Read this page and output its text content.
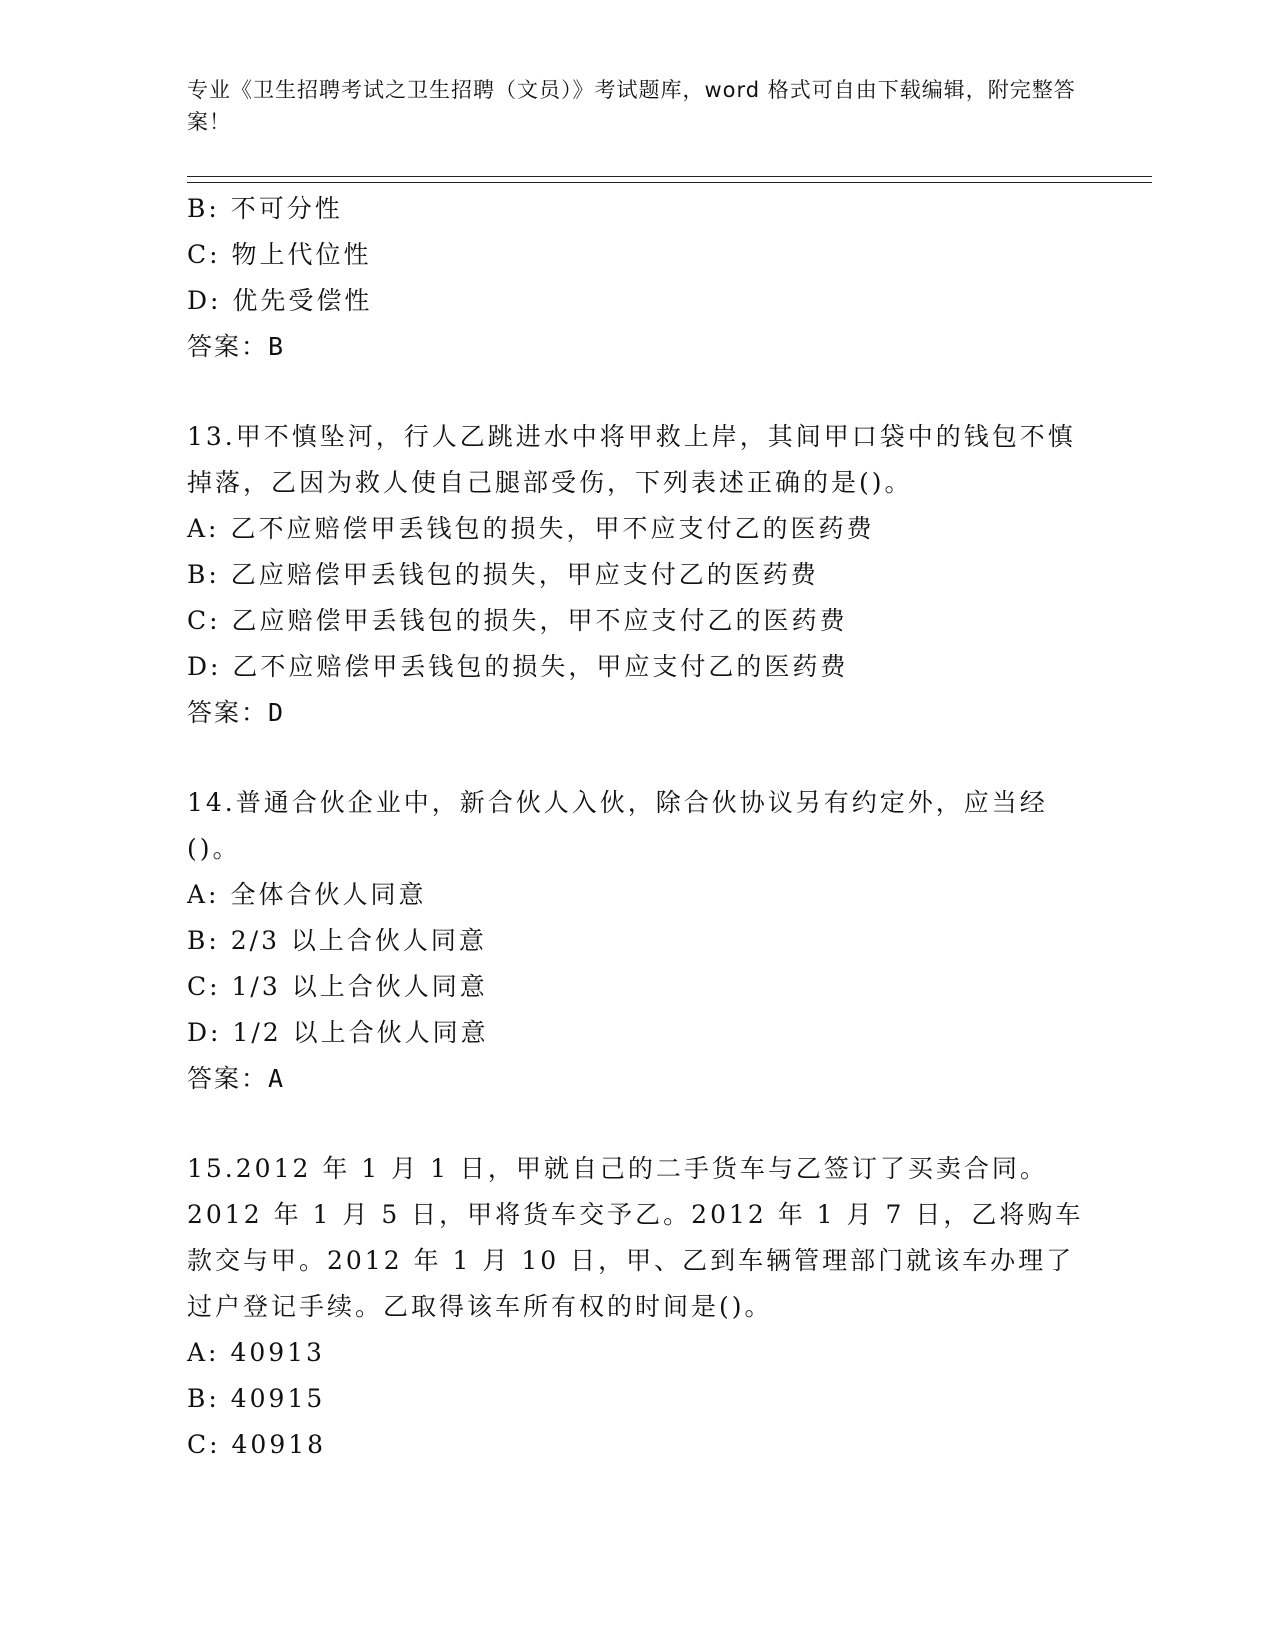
专业《卫生招聘考试之卫生招聘（文员）》考试题库，word 格式可自由下载编辑，附完整答案！
B: 不可分性
C: 物上代位性
D: 优先受偿性
答案：B
13.甲不慎坠河，行人乙跳进水中将甲救上岸，其间甲口袋中的钱包不慎掉落，乙因为救人使自己腿部受伤，下列表述正确的是()。
A: 乙不应赔偿甲丢钱包的损失，甲不应支付乙的医药费
B: 乙应赔偿甲丢钱包的损失，甲应支付乙的医药费
C: 乙应赔偿甲丢钱包的损失，甲不应支付乙的医药费
D: 乙不应赔偿甲丢钱包的损失，甲应支付乙的医药费
答案：D
14.普通合伙企业中，新合伙人入伙，除合伙协议另有约定外，应当经()。
A: 全体合伙人同意
B: 2/3 以上合伙人同意
C: 1/3 以上合伙人同意
D: 1/2 以上合伙人同意
答案：A
15.2012 年 1 月 1 日，甲就自己的二手货车与乙签订了买卖合同。2012 年 1 月 5 日，甲将货车交予乙。2012 年 1 月 7 日，乙将购车款交与甲。2012 年 1 月 10 日，甲、乙到车辆管理部门就该车办理了过户登记手续。乙取得该车所有权的时间是()。
A: 40913
B: 40915
C: 40918
